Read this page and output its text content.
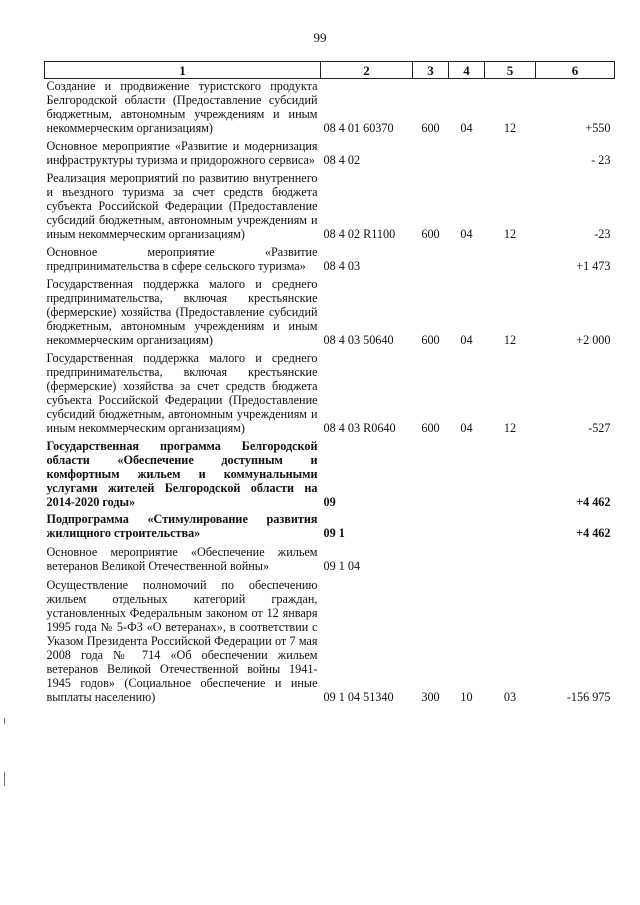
99
1	2	3	4	5	6
Создание и продвижение туристского продукта Белгородской области (Предоставление субсидий бюджетным, автономным учреждениям и иным некоммерческим организациям)	08 4 01 60370	600	04	12	+550
Основное мероприятие «Развитие и модернизация инфраструктуры туризма и придорожного сервиса»	08 4 02				- 23
Реализация мероприятий по развитию внутреннего и въездного туризма за счет средств бюджета субъекта Российской Федерации (Предоставление субсидий бюджетным, автономным учреждениям и иным некоммерческим организациям)	08 4 02 R1100	600	04	12	-23
Основное мероприятие «Развитие предпринимательства в сфере сельского туризма»	08 4 03				+1 473
Государственная поддержка малого и среднего предпринимательства, включая крестьянские (фермерские) хозяйства (Предоставление субсидий бюджетным, автономным учреждениям и иным некоммерческим организациям)	08 4 03 50640	600	04	12	+2 000
Государственная поддержка малого и среднего предпринимательства, включая крестьянские (фермерские) хозяйства за счет средств бюджета субъекта Российской Федерации (Предоставление субсидий бюджетным, автономным учреждениям и иным некоммерческим организациям)	08 4 03 R0640	600	04	12	-527
Государственная программа Белгородской области «Обеспечение доступным и комфортным жильем и коммунальными услугами жителей Белгородской области на 2014-2020 годы»	09				+4 462
Подпрограмма «Стимулирование развития жилищного строительства»	09 1				+4 462
Основное мероприятие «Обеспечение жильем ветеранов Великой Отечественной войны»	09 1 04				
Осуществление полномочий по обеспечению жильем отдельных категорий граждан, установленных Федеральным законом от 12 января 1995 года № 5-ФЗ «О ветеранах», в соответствии с Указом Президента Российской Федерации от 7 мая 2008 года № 714 «Об обеспечении жильем ветеранов Великой Отечественной войны 1941-1945 годов» (Социальное обеспечение и иные выплаты населению)	09 1 04 51340	300	10	03	-156 975
